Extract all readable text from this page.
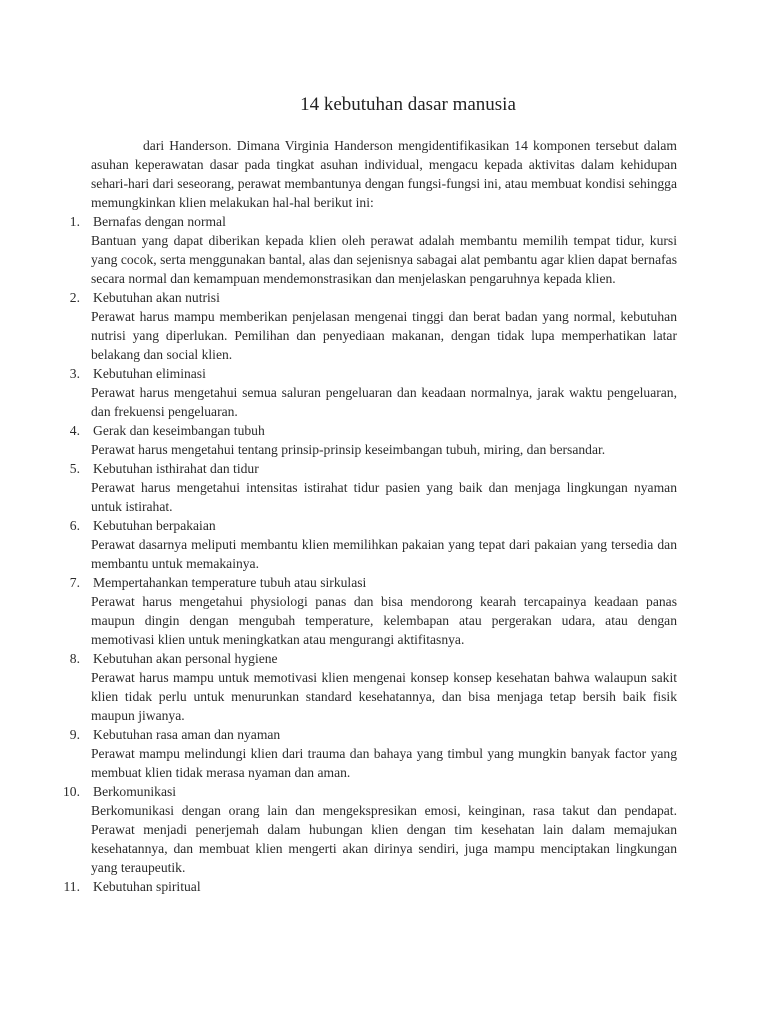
14 kebutuhan dasar manusia

dari Handerson. Dimana Virginia Handerson mengidentifikasikan 14 komponen tersebut dalam asuhan keperawatan dasar pada tingkat asuhan individual, mengacu kepada aktivitas dalam kehidupan sehari-hari dari seseorang, perawat membantunya dengan fungsi-fungsi ini, atau membuat kondisi sehingga memungkinkan klien melakukan hal-hal berikut ini:

1. Bernafas dengan normal

Bantuan yang dapat diberikan kepada klien oleh perawat adalah membantu memilih tempat tidur, kursi yang cocok, serta menggunakan bantal, alas dan sejenisnya sabagai alat pembantu agar klien dapat bernafas secara normal dan kemampuan mendemonstrasikan dan menjelaskan pengaruhnya kepada klien.

2. Kebutuhan akan nutrisi

Perawat harus mampu memberikan penjelasan mengenai tinggi dan berat badan yang normal, kebutuhan nutrisi yang diperlukan. Pemilihan dan penyediaan makanan, dengan tidak lupa memperhatikan latar belakang dan social klien.

3. Kebutuhan eliminasi

Perawat harus mengetahui semua saluran pengeluaran dan keadaan normalnya, jarak waktu pengeluaran, dan frekuensi pengeluaran.

4. Gerak dan keseimbangan tubuh

Perawat harus mengetahui tentang prinsip-prinsip keseimbangan tubuh, miring, dan bersandar.

5. Kebutuhan isthirahat dan tidur

Perawat harus mengetahui intensitas istirahat tidur pasien yang baik dan menjaga lingkungan nyaman untuk istirahat.

6. Kebutuhan berpakaian

Perawat dasarnya meliputi membantu klien memilihkan pakaian yang tepat dari pakaian yang tersedia dan membantu untuk memakainya.

7. Mempertahankan temperature tubuh atau sirkulasi

Perawat harus mengetahui physiologi panas dan bisa mendorong kearah tercapainya keadaan panas maupun dingin dengan mengubah temperature, kelembapan atau pergerakan udara, atau dengan memotivasi klien untuk meningkatkan atau mengurangi aktifitasnya.

8. Kebutuhan akan personal hygiene

Perawat harus mampu untuk memotivasi klien mengenai konsep konsep kesehatan bahwa walaupun sakit klien tidak perlu untuk menurunkan standard kesehatannya, dan bisa menjaga tetap bersih baik fisik maupun jiwanya.

9. Kebutuhan rasa aman dan nyaman

Perawat mampu melindungi klien dari trauma dan bahaya yang timbul yang mungkin banyak factor yang membuat klien tidak merasa nyaman dan aman.

10. Berkomunikasi

Berkomunikasi dengan orang lain dan mengekspresikan emosi, keinginan, rasa takut dan pendapat. Perawat menjadi penerjemah dalam hubungan klien dengan tim kesehatan lain dalam memajukan kesehatannya, dan membuat klien mengerti akan dirinya sendiri, juga mampu menciptakan lingkungan yang teraupeutik.

11. Kebutuhan spiritual
